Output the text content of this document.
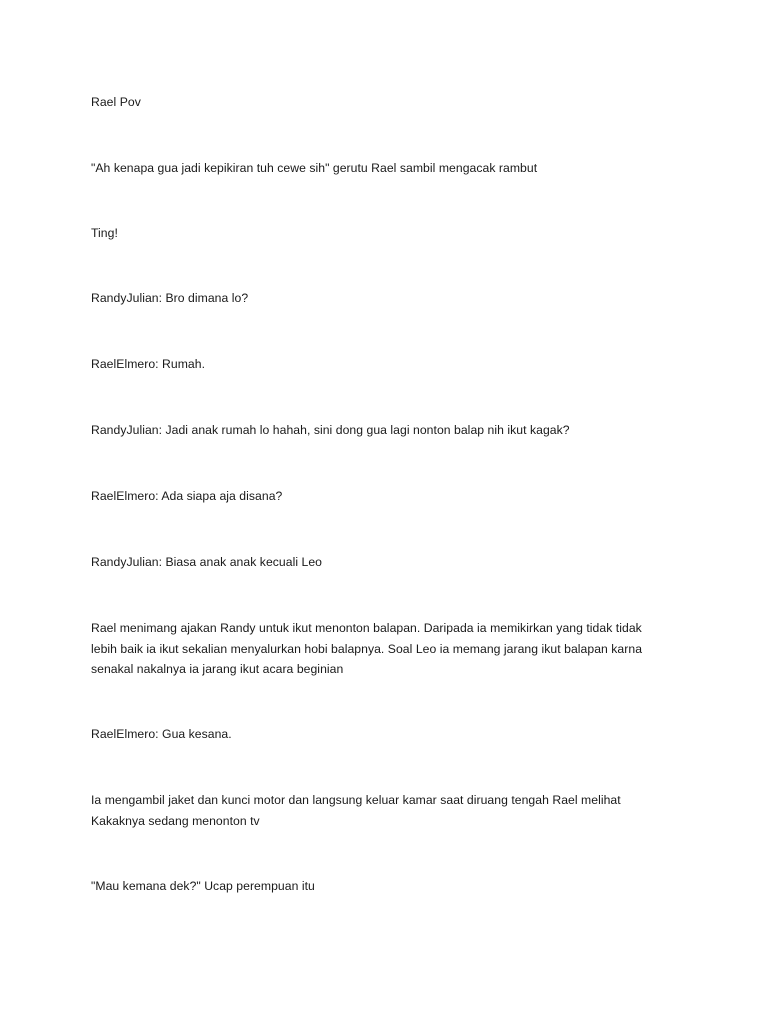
Rael Pov

"Ah kenapa gua jadi kepikiran tuh cewe sih" gerutu Rael sambil mengacak rambut

Ting!

RandyJulian: Bro dimana lo?

RaelElmero: Rumah.

RandyJulian: Jadi anak rumah lo hahah, sini dong gua lagi nonton balap nih ikut kagak?

RaelElmero: Ada siapa aja disana?

RandyJulian: Biasa anak anak kecuali Leo

Rael menimang ajakan Randy untuk ikut menonton balapan. Daripada ia memikirkan yang tidak tidak lebih baik ia ikut sekalian menyalurkan hobi balapnya. Soal Leo ia memang jarang ikut balapan karna senakal nakalnya ia jarang ikut acara beginian

RaelElmero: Gua kesana.

Ia mengambil jaket dan kunci motor dan langsung keluar kamar saat diruang tengah Rael melihat Kakaknya sedang menonton tv

"Mau kemana dek?" Ucap perempuan itu
